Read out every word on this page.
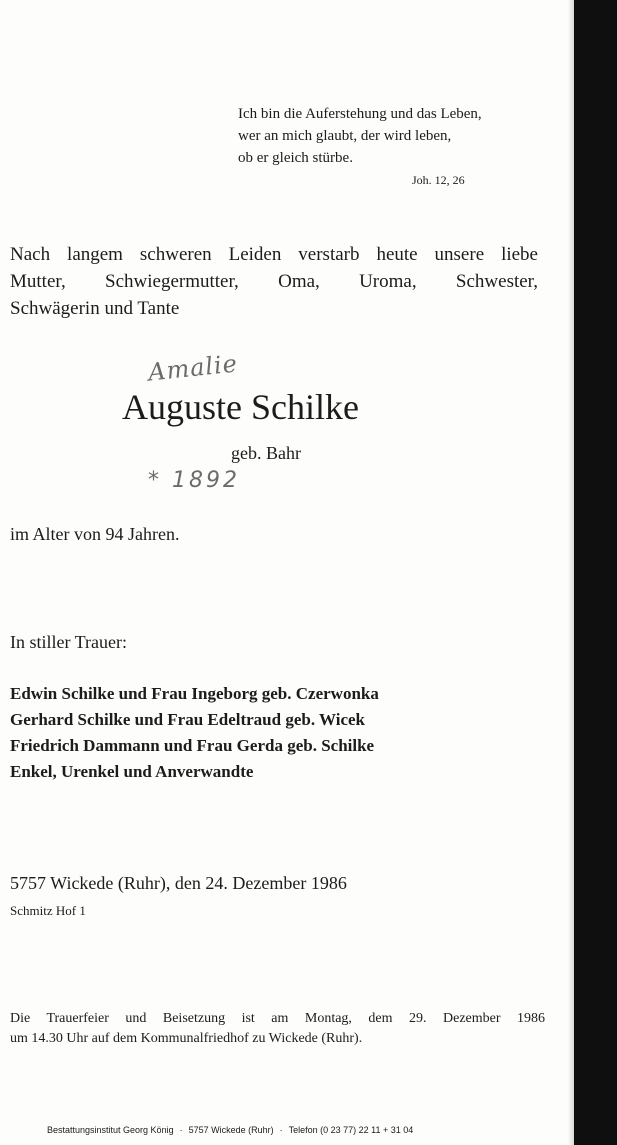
Ich bin die Auferstehung und das Leben,
wer an mich glaubt, der wird leben,
ob er gleich stürbe.
Joh. 12, 26
Nach langem schweren Leiden verstarb heute unsere liebe
Mutter, Schwiegermutter, Oma, Uroma, Schwester,
Schwägerin und Tante
Amalie
Auguste Schilke
geb. Bahr
* 1892
im Alter von 94 Jahren.
In stiller Trauer:
Edwin Schilke und Frau Ingeborg geb. Czerwonka
Gerhard Schilke und Frau Edeltraud geb. Wicek
Friedrich Dammann und Frau Gerda geb. Schilke
Enkel, Urenkel und Anverwandte
5757 Wickede (Ruhr), den 24. Dezember 1986
Schmitz Hof 1
Die Trauerfeier und Beisetzung ist am Montag, dem 29. Dezember 1986
um 14.30 Uhr auf dem Kommunalfriedhof zu Wickede (Ruhr).
Bestattungsinstitut Georg König · 5757 Wickede (Ruhr) · Telefon (0 23 77) 22 11 + 31 04
